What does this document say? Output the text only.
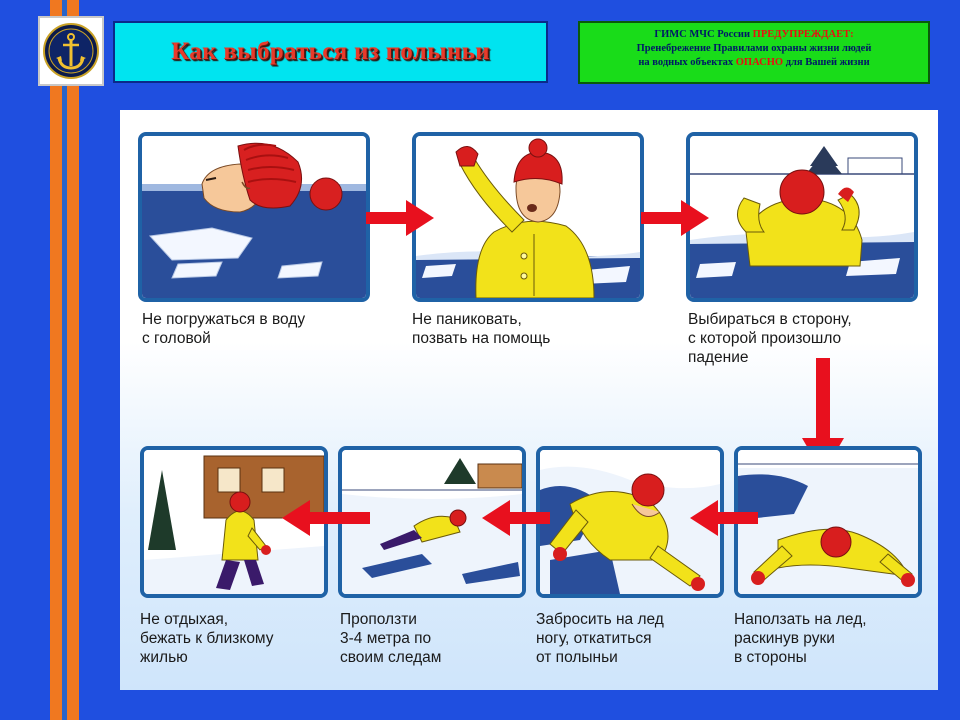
Как выбраться из полыньи
ГИМС МЧС России ПРЕДУПРЕЖДАЕТ:
Пренебрежение Правилами охраны жизни людей
на водных объектах ОПАСНО для Вашей жизни
Не погружаться в воду
с головой
Не паниковать,
позвать на помощь
Выбираться в сторону,
с которой произошло
падение
Не отдыхая,
бежать к близкому
жилью
Проползти
3-4 метра по
своим следам
Забросить на лед
ногу, откатиться
от полыньи
Наползать на лед,
раскинув руки
в стороны
